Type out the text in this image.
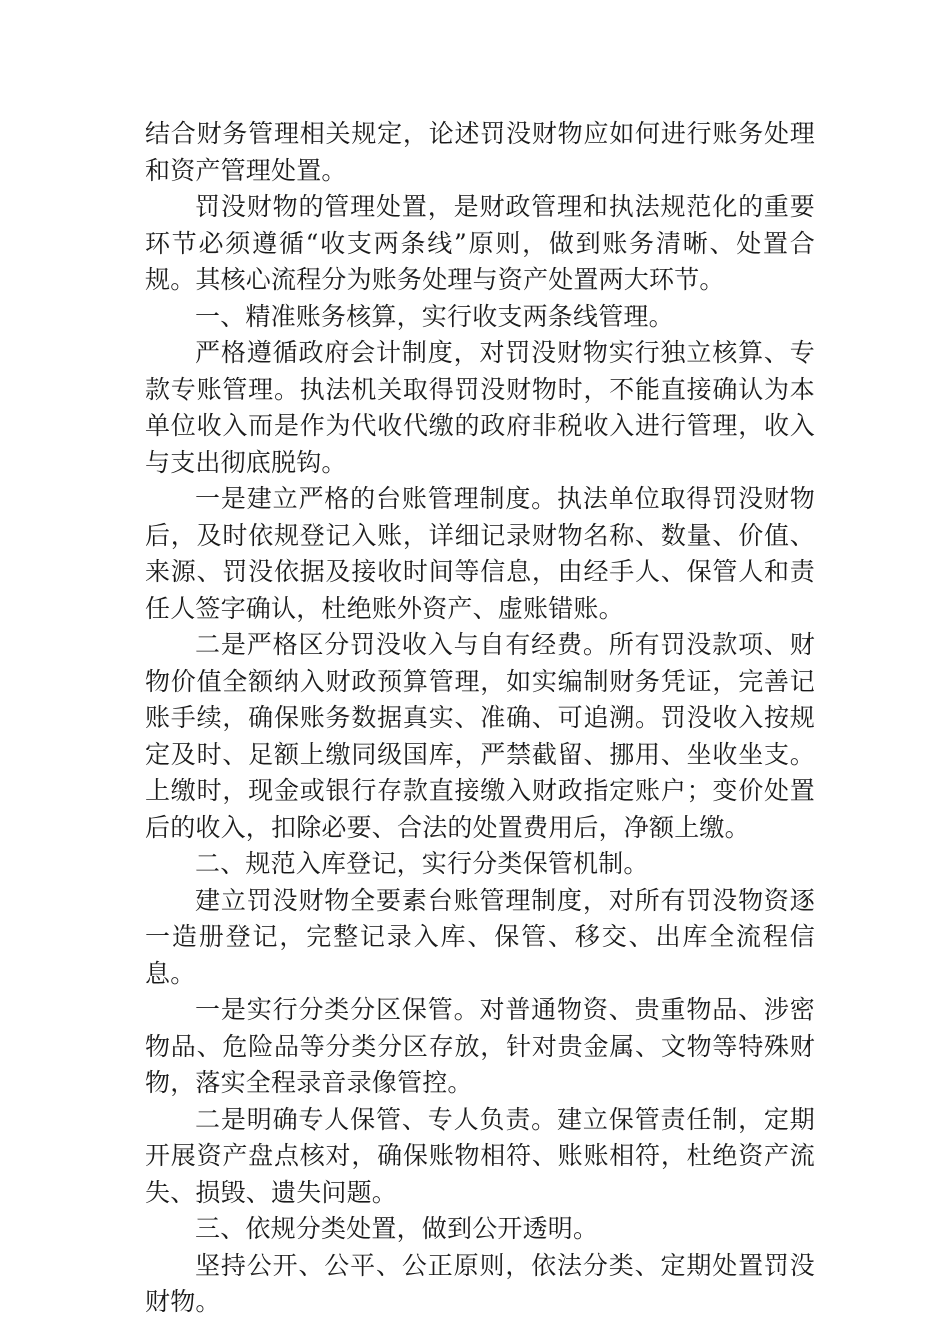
结合财务管理相关规定，论述罚没财物应如何进行账务处理和资产管理处置。

罚没财物的管理处置，是财政管理和执法规范化的重要环节必须遵循“收支两条线”原则，做到账务清晰、处置合规。其核心流程分为账务处理与资产处置两大环节。

一、精准账务核算，实行收支两条线管理。

严格遵循政府会计制度，对罚没财物实行独立核算、专款专账管理。执法机关取得罚没财物时，不能直接确认为本单位收入而是作为代收代缴的政府非税收入进行管理，收入与支出彻底脱钩。

一是建立严格的台账管理制度。执法单位取得罚没财物后，及时依规登记入账，详细记录财物名称、数量、价值、来源、罚没依据及接收时间等信息，由经手人、保管人和责任人签字确认，杜绝账外资产、虚账错账。

二是严格区分罚没收入与自有经费。所有罚没款项、财物价值全额纳入财政预算管理，如实编制财务凭证，完善记账手续，确保账务数据真实、准确、可追溯。罚没收入按规定及时、足额上缴同级国库，严禁截留、挪用、坐收坐支。上缴时，现金或银行存款直接缴入财政指定账户；变价处置后的收入，扣除必要、合法的处置费用后，净额上缴。

二、规范入库登记，实行分类保管机制。

建立罚没财物全要素台账管理制度，对所有罚没物资逐一造册登记，完整记录入库、保管、移交、出库全流程信息。

一是实行分类分区保管。对普通物资、贵重物品、涉密物品、危险品等分类分区存放，针对贵金属、文物等特殊财物，落实全程录音录像管控。

二是明确专人保管、专人负责。建立保管责任制，定期开展资产盘点核对，确保账物相符、账账相符，杜绝资产流失、损毁、遗失问题。

三、依规分类处置，做到公开透明。

坚持公开、公平、公正原则，依法分类、定期处置罚没财物。
